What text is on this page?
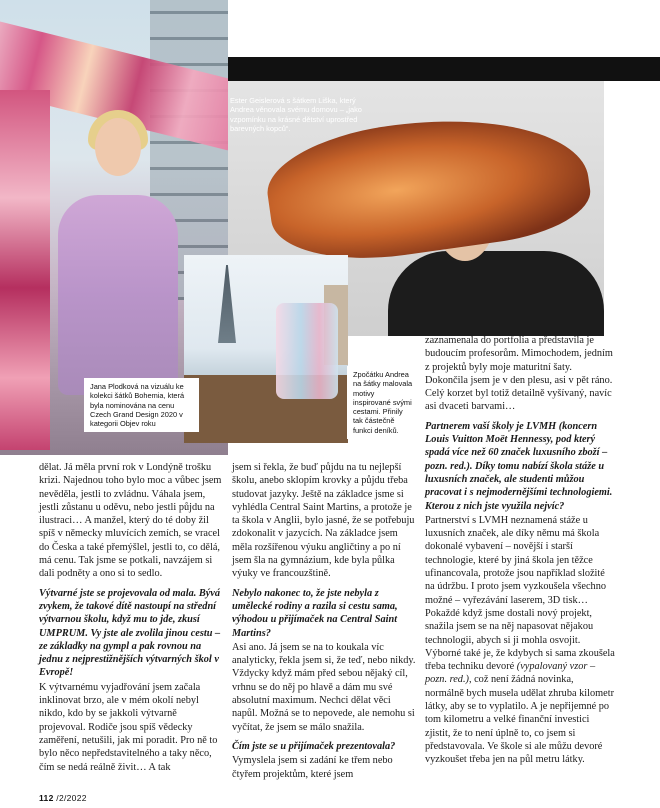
Ester Geislerová s šátkem Liška, který Andrea věnovala svému domovu – „jako vzpomínku na krásné dětství uprostřed barevných kopců“.
Jana Plodková na vizuálu ke kolekci šátků Bohemia, která byla nominována na cenu Czech Grand Design 2020 v kategorii Objev roku
Zpočátku Andrea na šátky malovala motivy inspirované svými cestami. Přinily tak částečně funkci deníků.

dělat. Já měla první rok v Londýně trošku krizi. Najednou toho bylo moc a vůbec jsem nevěděla, jestli to zvládnu. Váhala jsem, jestli zůstanu u oděvu, nebo jestli půjdu na ilustraci… A manžel, který do té doby žil spíš v německy mluvících zemích, se vracel do Česka a také přemýšlel, jestli to, co dělá, má cenu. Tak jsme se potkali, navzájem si dali podněty a ono si to sedlo.

Výtvarné jste se projevovala od mala. Bývá zvykem, že takové dítě nastoupí na střední výtvarnou školu, když mu to jde, zkusí UMPRUM. Vy jste ale zvolila jinou cestu – ze základky na gympl a pak rovnou na jednu z nejprestižnějších výtvarných škol v Evropě!

K výtvarnému vyjadřování jsem začala inklinovat brzo, ale v mém okolí nebyl nikdo, kdo by se jakkoli výtvarně projevoval. Rodiče jsou spíš vědecky zaměření, netušili, jak mi poradit. Pro ně to bylo něco nepředstavitelného a taky něco, čím se nedá reálně živit… A tak

jsem si řekla, že buď půjdu na tu nejlepší školu, anebo sklopím krovky a půjdu třeba studovat jazyky. Ještě na základce jsme si vyhlédla Central Saint Martins, a protože je ta škola v Anglii, bylo jasné, že se potřebuju zdokonalit v jazycích. Na základce jsem měla rozšířenou výuku angličtiny a po ní jsem šla na gymnázium, kde byla půlka výuky ve francouzštině.

Nebylo nakonec to, že jste nebyla z umělecké rodiny a razila si cestu sama, výhodou u přijímaček na Central Saint Martins?

Asi ano. Já jsem se na to koukala víc analyticky, řekla jsem si, že teď, nebo nikdy. Vždycky když mám před sebou nějaký cíl, vrhnu se do něj po hlavě a dám mu své absolutní maximum. Nechci dělat věci napůl. Možná se to nepovede, ale nemohu si vyčítat, že jsem se málo snažila.

Čím jste se u přijímaček prezentovala?

Vymyslela jsem si zadání ke třem nebo čtyřem projektům, které jsem

zaznamenala do portfolia a představila je budoucím profesorům. Mimochodem, jedním z projektů byly moje maturitní šaty. Dokončila jsem je v den plesu, asi v pět ráno. Celý korzet byl totiž detailně vyšívaný, navíc asi dvaceti barvami…

Partnerem vaší školy je LVMH (koncern Louis Vuitton Moët Hennessy, pod který spadá více než 60 značek luxusního zboží – pozn. red.). Díky tomu nabízí škola stáže u luxusních značek, ale studenti můžou pracovat i s nejmodernějšími technologiemi. Kterou z nich jste využila nejvíc?

Partnerství s LVMH neznamená stáže u luxusních značek, ale díky němu má škola dokonalé vybavení – novější i starší technologie, které by jiná škola jen těžce ufinancovala, protože jsou například složité na údržbu. I proto jsem vyzkoušela všechno možné – vyřezávání laserem, 3D tisk… Pokaždé když jsme dostali nový projekt, snažila jsem se na něj napasovat nějakou technologii, abych si ji mohla osvojit. Výborné také je, že kdybych si sama zkoušela třeba techniku devoré (vypalovaný vzor – pozn. red.), což není žádná novinka, normálně bych musela udělat zhruba kilometr látky, aby se to vyplatilo. A je nepřijemné po tom kilometru a velké finanční investici zjistit, že to není úplně to, co jsem si představovala. Ve škole si ale můžu devoré vyzkoušet třeba jen na půl metru látky.

112 /2/2022
